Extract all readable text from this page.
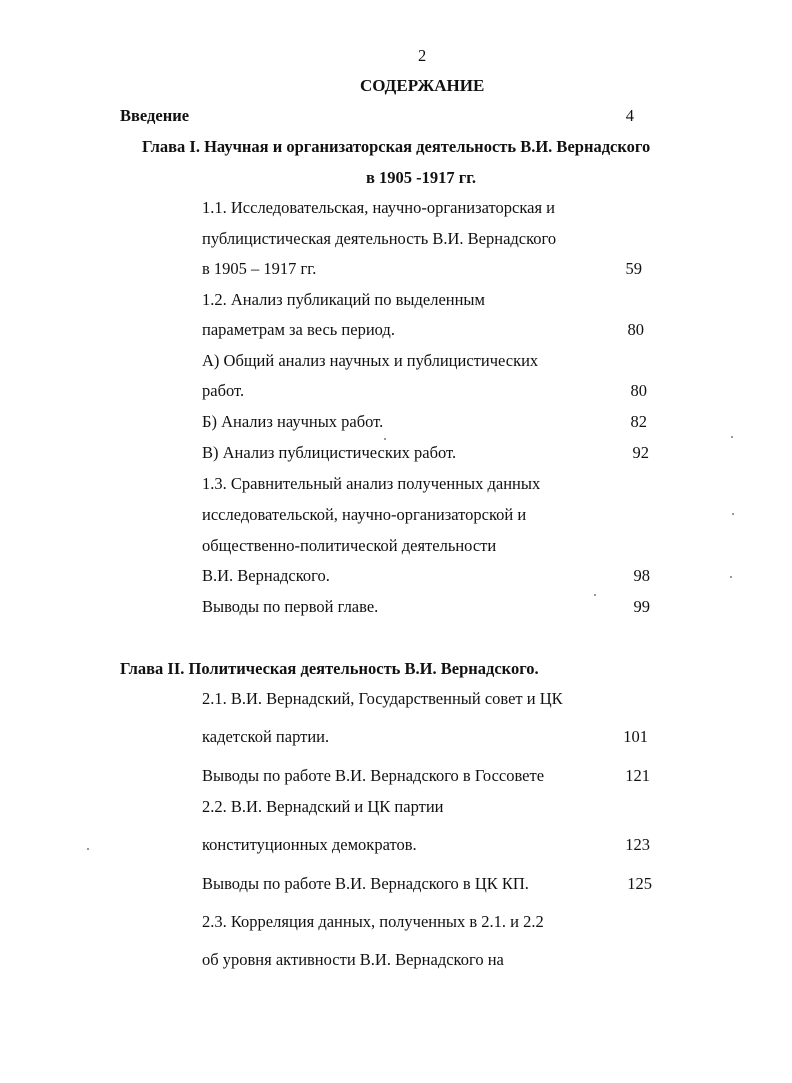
2
СОДЕРЖАНИЕ
Введение	4
Глава I. Научная и организаторская деятельность В.И. Вернадского
в 1905 -1917 гг.
1.1. Исследовательская, научно-организаторская и
публицистическая деятельность В.И. Вернадского
в 1905 – 1917 гг.	59
1.2. Анализ публикаций по выделенным
параметрам за весь период.	80
А) Общий анализ научных и публицистических
работ.	80
Б) Анализ научных работ.	82
В) Анализ публицистических работ.	92
1.3. Сравнительный анализ полученных данных
исследовательской, научно-организаторской и
общественно-политической деятельности
В.И. Вернадского.	98
Выводы по первой главе.	99
Глава II. Политическая деятельность В.И. Вернадского.
2.1. В.И. Вернадский, Государственный совет и ЦК
кадетской партии.	101
Выводы по работе В.И. Вернадского в Госсовете	121
2.2. В.И. Вернадский и ЦК партии
конституционных демократов.	123
Выводы по работе В.И. Вернадского в ЦК КП.	125
2.3. Корреляция данных, полученных в 2.1. и 2.2
об уровня активности В.И. Вернадского на
